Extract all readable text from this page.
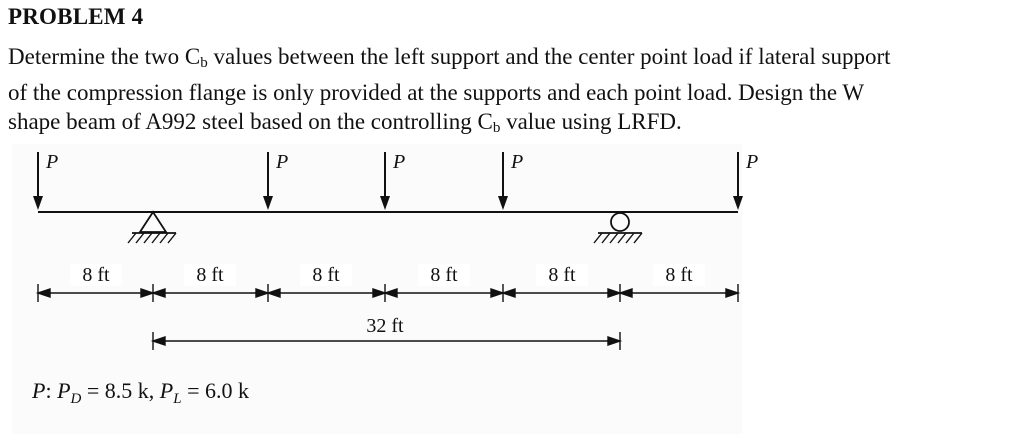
PROBLEM 4
Determine the two Cb values between the left support and the center point load if lateral support
of the compression flange is only provided at the supports and each point load. Design the W
shape beam of A992 steel based on the controlling Cb value using LRFD.
P	P	P	P	P
8 ft	8 ft	8 ft	8 ft	8 ft	8 ft
32 ft
P: $P_D = 8.5$ k, $P_L = 6.0$ k
